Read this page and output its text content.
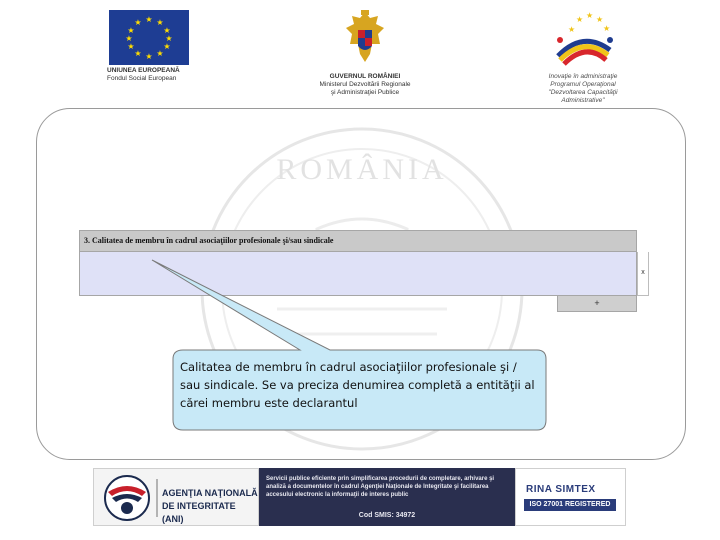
★ ★
★
★
★
★
★
★
★
★
★
★
UNIUNEA EUROPEANĂ
Fondul Social European	GUVERNUL ROMÂNIEI
Ministerul Dezvoltării Regionale
şi Administraţiei Publice
★
★ ★ ★
★
Inovaţie în administraţie
Programul Operaţional
"Dezvoltarea Capacităţii
Administrative"
ROMÂNIA
3. Calitatea de membru în cadrul asociaţiilor profesionale şi/sau sindicale
x
+
Calitatea de membru în cadrul asociaţiilor profesionale şi / sau sindicale. Se va preciza denumirea completă a entităţii al cărei membru este declarantul
AGENŢIA NAŢIONALĂ
DE INTEGRITATE (ANI)
Servicii publice eficiente prin simplificarea procedurii de completare, arhivare şi analiză a documentelor în cadrul Agenţiei Naţionale de Integritate şi facilitarea accesului electronic la informaţii de interes public
Cod SMIS: 34972
RINA SIMTEX
ISO 27001 REGISTERED
